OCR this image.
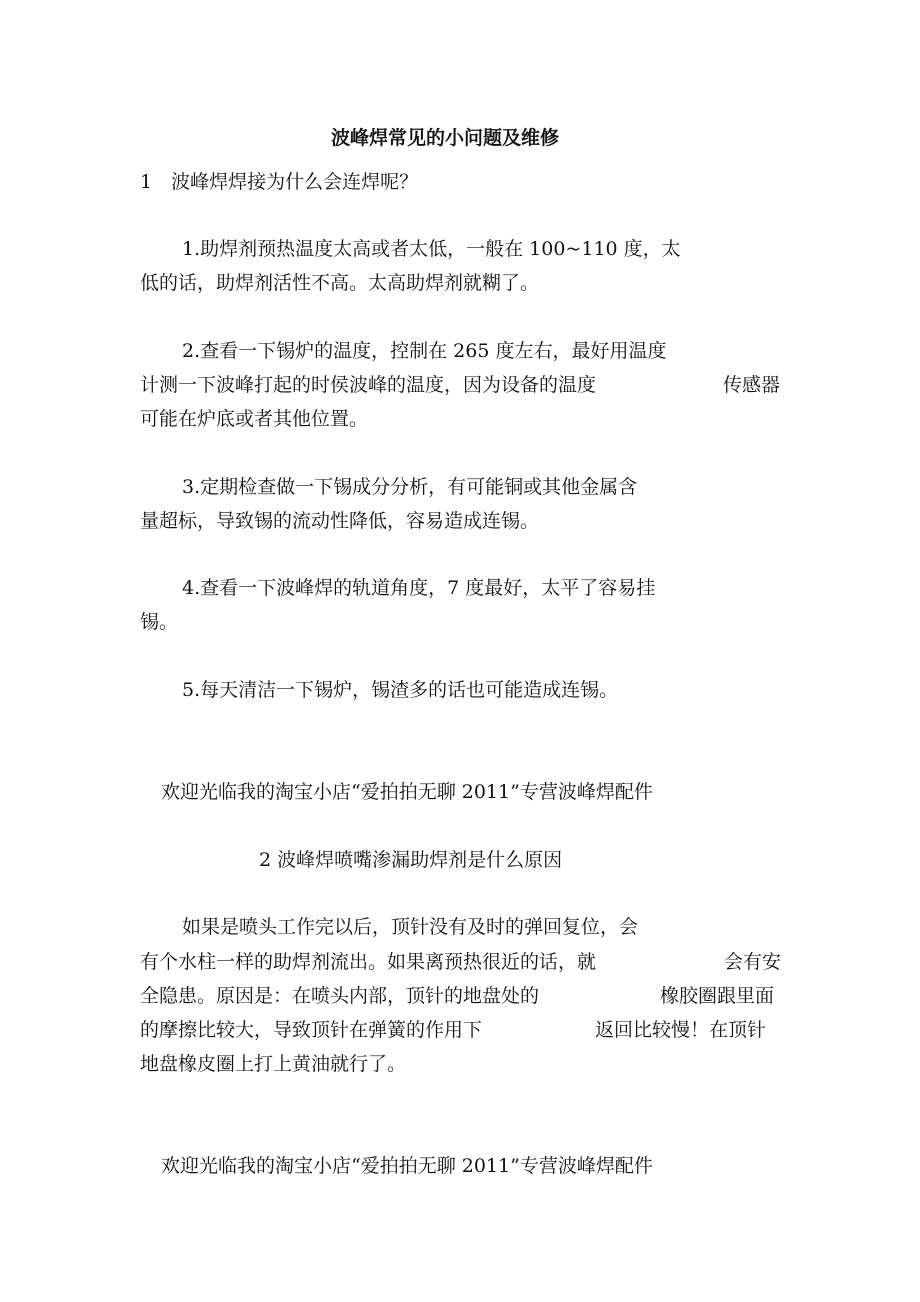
波峰焊常见的小问题及维修
1　波峰焊焊接为什么会连焊呢？
1.助焊剂预热温度太高或者太低，一般在 100~110 度，太
低的话，助焊剂活性不高。太高助焊剂就糊了。
2.查看一下锡炉的温度，控制在 265 度左右，最好用温度
计测一下波峰打起的时侯波峰的温度，因为设备的温度	传感器
可能在炉底或者其他位置。
3.定期检查做一下锡成分分析，有可能铜或其他金属含
量超标，导致锡的流动性降低，容易造成连锡。
4.查看一下波峰焊的轨道角度，7 度最好，太平了容易挂
锡。
5.每天清洁一下锡炉，锡渣多的话也可能造成连锡。
欢迎光临我的淘宝小店“爱拍拍无聊 2011”专营波峰焊配件
2 波峰焊喷嘴渗漏助焊剂是什么原因
如果是喷头工作完以后，顶针没有及时的弹回复位，会
有个水柱一样的助焊剂流出。如果离预热很近的话，就	会有安
全隐患。原因是：在喷头内部，顶针的地盘处的	橡胶圈跟里面
的摩擦比较大，导致顶针在弹簧的作用下	返回比较慢！在顶针
地盘橡皮圈上打上黄油就行了。
欢迎光临我的淘宝小店“爱拍拍无聊 2011”专营波峰焊配件
